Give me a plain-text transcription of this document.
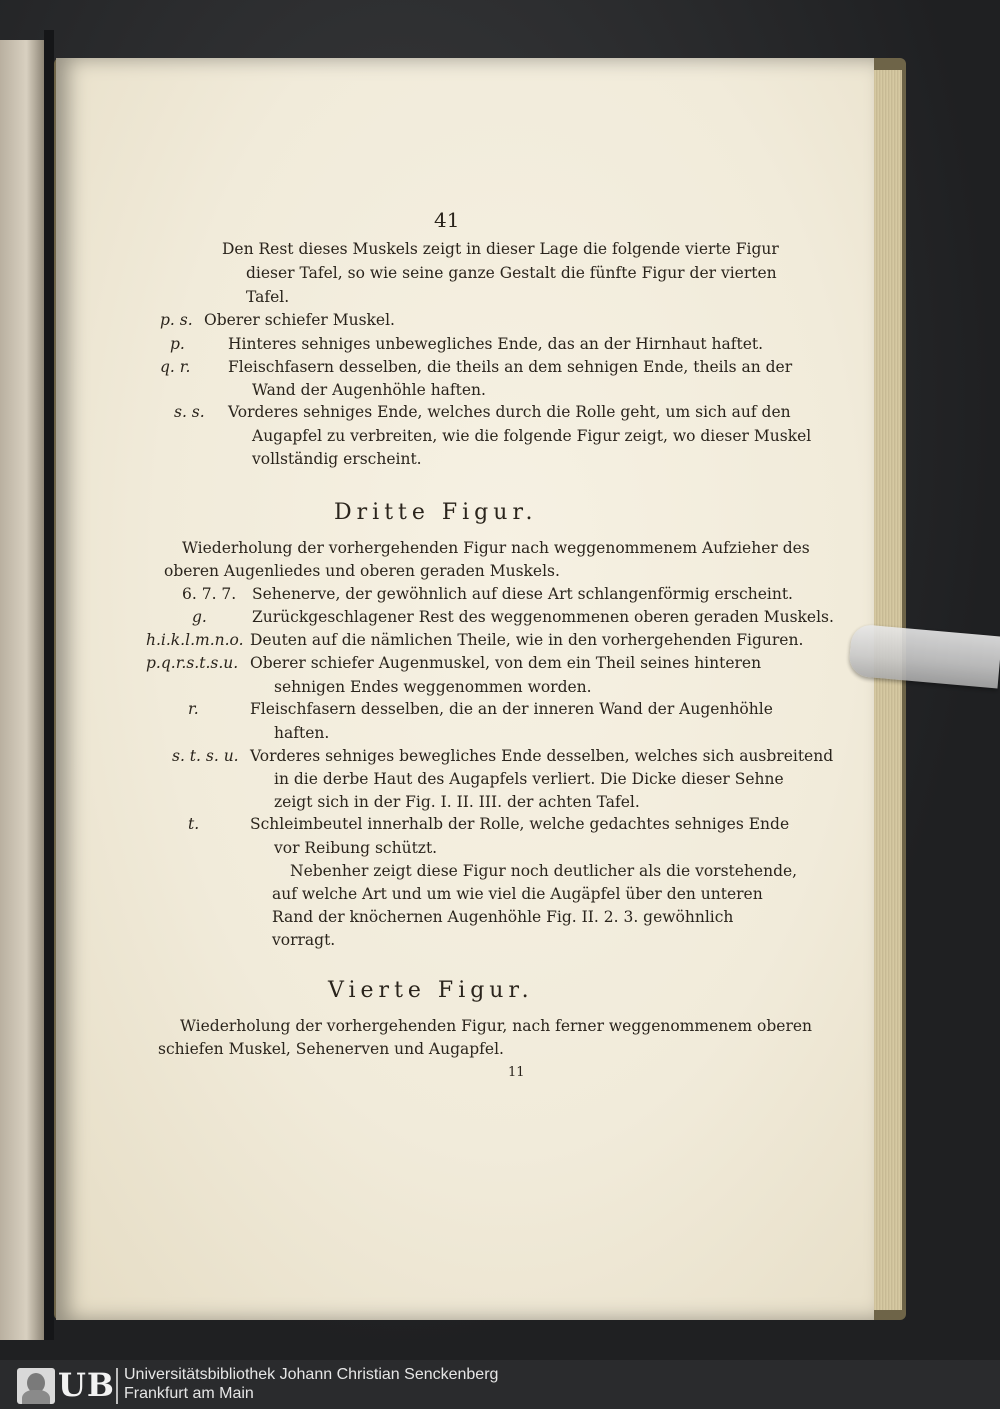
41
Den Rest dieses Muskels zeigt in dieser Lage die folgende vierte Figur
dieser Tafel, so wie seine ganze Gestalt die fünfte Figur der vierten
Tafel.
p. s. Oberer schiefer Muskel.
p.	Hinteres sehniges unbewegliches Ende, das an der Hirnhaut haftet.
q. r. Fleischfasern desselben, die theils an dem sehnigen Ende, theils an der
Wand der Augenhöhle haften.
s. s. Vorderes sehniges Ende, welches durch die Rolle geht, um sich auf den
Augapfel zu verbreiten, wie die folgende Figur zeigt, wo dieser Muskel
vollständig erscheint.
Dritte Figur.
Wiederholung der vorhergehenden Figur nach weggenommenem Aufzieher des
oberen Augenliedes und oberen geraden Muskels.
6. 7. 7. Sehenerve, der gewöhnlich auf diese Art schlangenförmig erscheint.
g.	Zurückgeschlagener Rest des weggenommenen oberen geraden Muskels.
h.i.k.l.m.n.o. Deuten auf die nämlichen Theile, wie in den vorhergehenden Figuren.
p.q.r.s.t.s.u. Oberer schiefer Augenmuskel, von dem ein Theil seines hinteren
sehnigen Endes weggenommen worden.
r.	Fleischfasern desselben, die an der inneren Wand der Augenhöhle
haften.
s. t. s. u. Vorderes sehniges bewegliches Ende desselben, welches sich ausbreitend
in die derbe Haut des Augapfels verliert. Die Dicke dieser Sehne
zeigt sich in der Fig. I. II. III. der achten Tafel.
t.	Schleimbeutel innerhalb der Rolle, welche gedachtes sehniges Ende
vor Reibung schützt.
Nebenher zeigt diese Figur noch deutlicher als die vorstehende,
auf welche Art und um wie viel die Augäpfel über den unteren
Rand der knöchernen Augenhöhle Fig. II. 2. 3. gewöhnlich
vorragt.
Vierte Figur.
Wiederholung der vorhergehenden Figur, nach ferner weggenommenem oberen
schiefen Muskel, Sehenerven und Augapfel.
11
UB Universitätsbibliothek Johann Christian Senckenberg
Frankfurt am Main
